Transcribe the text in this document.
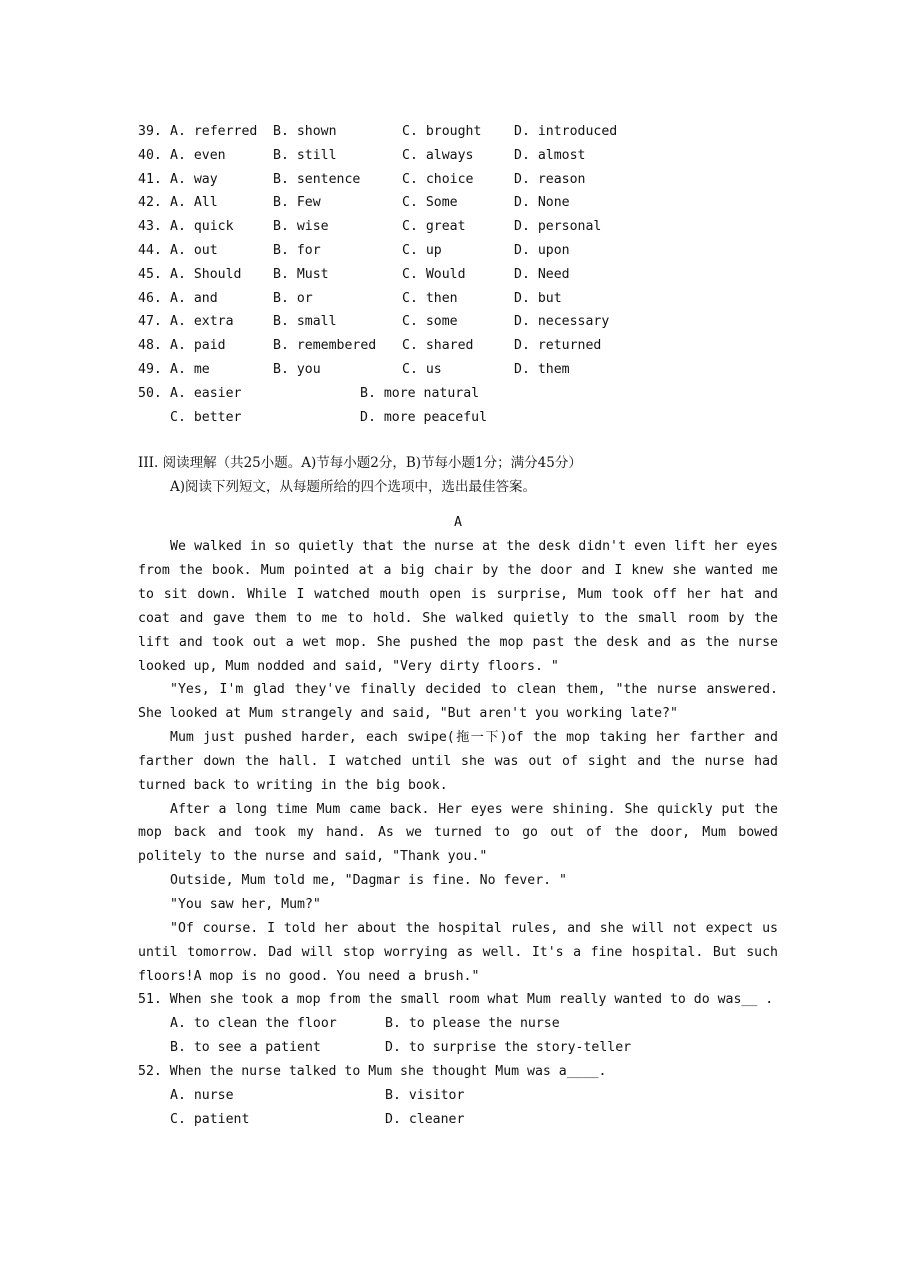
39. A. referred B. shown	C. brought D. introduced
40. A. even	B. still	C. always	D. almost
41. A. way	B. sentence	C. choice	D. reason
42. A. All	B. Few	C. Some	D. None
43. A. quick	B. wise	C. great	D. personal
44. A. out	B. for	C. up	D. upon
45. A. Should B. Must	C. Would	D. Need
46. A. and	B. or	C. then	D. but
47. A. extra	B. small	C. some	D. necessary
48. A. paid	B. remembered C. shared	D. returned
49. A. me	B. you	C. us	D. them
50. A. easier	B. more natural
C. better	D. more peaceful
III. 阅读理解（共25小题。A)节每小题2分，B)节每小题1分；满分45分）
A)阅读下列短文，从每题所给的四个选项中，选出最佳答案。
A

We walked in so quietly that the nurse at the desk didn't even lift her eyes from the book. Mum pointed at a big chair by the door and I knew she wanted me to sit down. While I watched mouth open is surprise, Mum took off her hat and coat and gave them to me to hold. She walked quietly to the small room by the lift and took out a wet mop. She pushed the mop past the desk and as the nurse looked up, Mum nodded and said, "Very dirty floors. "

"Yes, I'm glad they've finally decided to clean them, "the nurse answered. She looked at Mum strangely and said, "But aren't you working late?"

Mum just pushed harder, each swipe(拖一下)of the mop taking her farther and farther down the hall. I watched until she was out of sight and the nurse had turned back to writing in the big book.

After a long time Mum came back. Her eyes were shining. She quickly put the mop back and took my hand. As we turned to go out of the door, Mum bowed politely to the nurse and said, "Thank you."

Outside, Mum told me, "Dagmar is fine. No fever. "

"You saw her, Mum?"

"Of course. I told her about the hospital rules, and she will not expect us until tomorrow. Dad will stop worrying as well. It's a fine hospital. But such floors!A mop is no good. You need a brush."

51. When she took a mop from the small room what Mum really wanted to do was__ .
A. to clean the floor	B. to please the nurse
B. to see a patient	D. to surprise the story-teller
52. When the nurse talked to Mum she thought Mum was a____.
A. nurse	B. visitor
C. patient	D. cleaner
